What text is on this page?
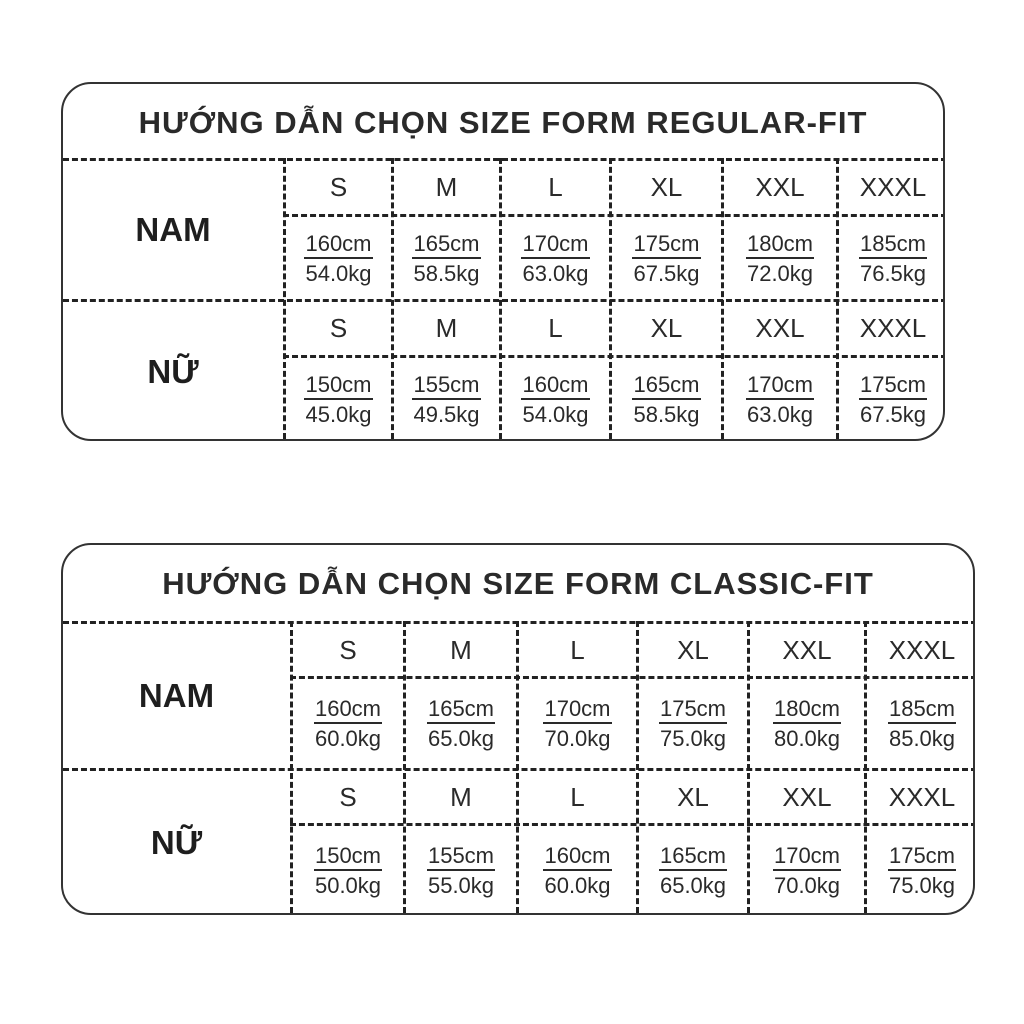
HƯỚNG DẪN CHỌN SIZE FORM REGULAR-FIT
NAM
S
160cm
54.0kg
M
165cm
58.5kg
L
170cm
63.0kg
XL
175cm
67.5kg
XXL
180cm
72.0kg
XXXL
185cm
76.5kg
NỮ
S
150cm
45.0kg
M
155cm
49.5kg
L
160cm
54.0kg
XL
165cm
58.5kg
XXL
170cm
63.0kg
XXXL
175cm
67.5kg
HƯỚNG DẪN CHỌN SIZE FORM CLASSIC-FIT
NAM
S
160cm
60.0kg
M
165cm
65.0kg
L
170cm
70.0kg
XL
175cm
75.0kg
XXL
180cm
80.0kg
XXXL
185cm
85.0kg
NỮ
S
150cm
50.0kg
M
155cm
55.0kg
L
160cm
60.0kg
XL
165cm
65.0kg
XXL
170cm
70.0kg
XXXL
175cm
75.0kg
